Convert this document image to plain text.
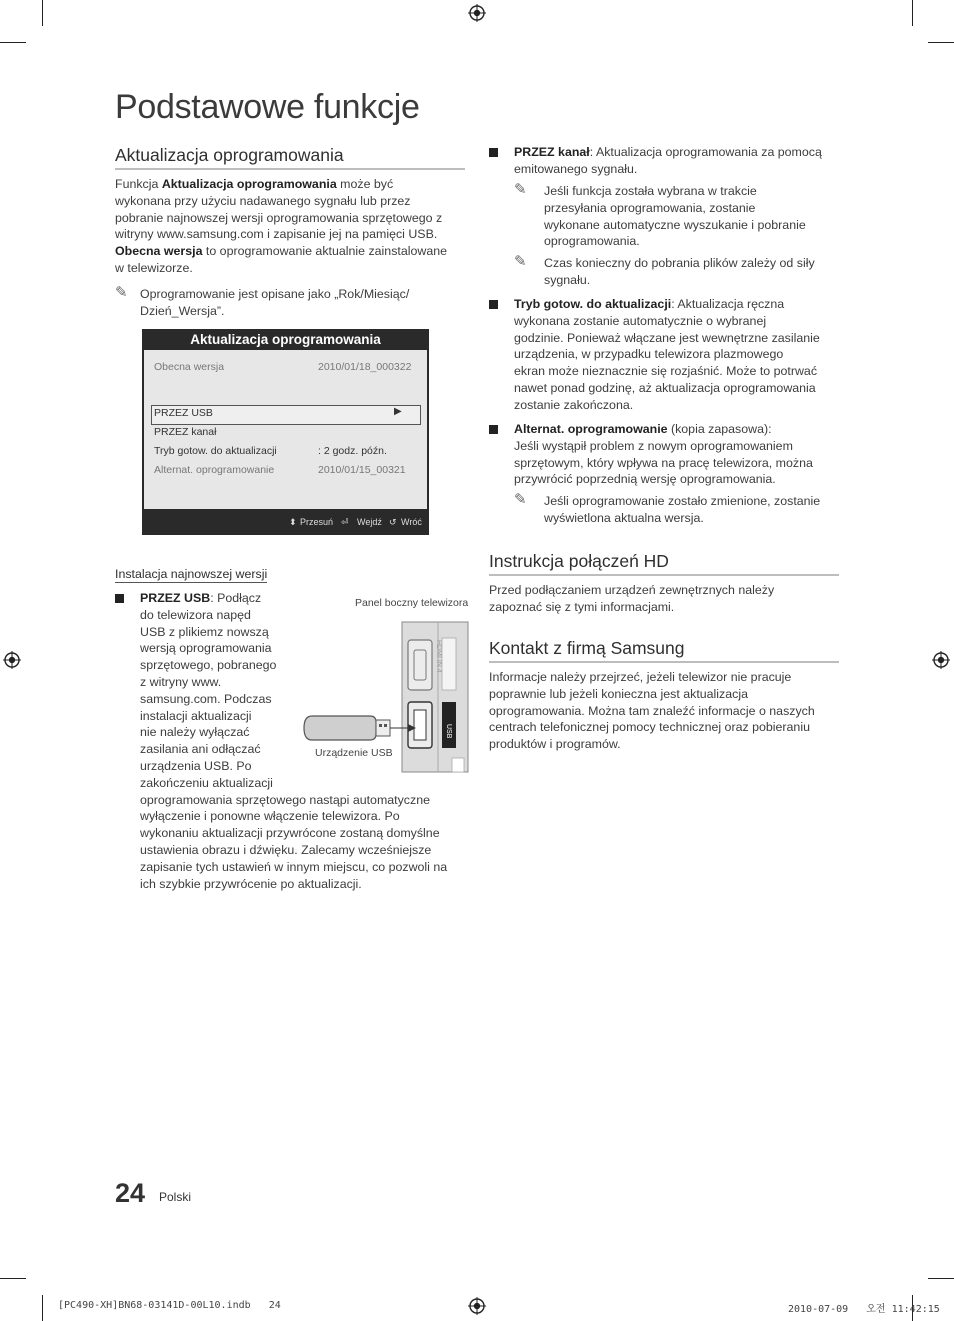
Podstawowe funkcje
Aktualizacja oprogramowania
Funkcja Aktualizacja oprogramowania może być
wykonana przy użyciu nadawanego sygnału lub przez
pobranie najnowszej wersji oprogramowania sprzętowego z
witryny www.samsung.com i zapisanie jej na pamięci USB.
Obecna wersja to oprogramowanie aktualnie zainstalowane
w telewizorze.
✎ Oprogramowanie jest opisane jako „Rok/Miesiąc/
Dzień_Wersja”.
Aktualizacja oprogramowania
Obecna wersja	2010/01/18_000322
PRZEZ USB	▶
PRZEZ kanał
Tryb gotow. do aktualizacji	: 2 godz. późn.
Alternat. oprogramowanie	2010/01/15_00321
⬍ Przesuń ⏎ Wejdź ↺ Wróć
Instalacja najnowszej wersji
PRZEZ USB: Podłącz
do telewizora napęd
USB z plikiemz nowszą
wersją oprogramowania
sprzętowego, pobranego
z witryny www.
samsung.com. Podczas
instalacji aktualizacji
nie należy wyłączać
zasilania ani odłączać
urządzenia USB. Po
zakończeniu aktualizacji
oprogramowania sprzętowego nastąpi automatyczne
wyłączenie i ponowne włączenie telewizora. Po
wykonaniu aktualizacji przywrócone zostaną domyślne
ustawienia obrazu i dźwięku. Zalecamy wcześniejsze
zapisanie tych ustawień w innym miejscu, co pozwoli na
ich szybkie przywrócenie po aktualizacji.
Panel boczny telewizora
HDMI IN 4
USB
Urządzenie USB
PRZEZ kanał: Aktualizacja oprogramowania za pomocą
emitowanego sygnału.
✎ Jeśli funkcja została wybrana w trakcie
przesyłania oprogramowania, zostanie
wykonane automatyczne wyszukanie i pobranie
oprogramowania.
✎ Czas konieczny do pobrania plików zależy od siły
sygnału.
Tryb gotow. do aktualizacji: Aktualizacja ręczna
wykonana zostanie automatycznie o wybranej
godzinie. Ponieważ włączane jest wewnętrzne zasilanie
urządzenia, w przypadku telewizora plazmowego
ekran może nieznacznie się rozjaśnić. Może to potrwać
nawet ponad godzinę, aż aktualizacja oprogramowania
zostanie zakończona.
Alternat. oprogramowanie (kopia zapasowa):
Jeśli wystąpił problem z nowym oprogramowaniem
sprzętowym, który wpływa na pracę telewizora, można
przywrócić poprzednią wersję oprogramowania.
✎ Jeśli oprogramowanie zostało zmienione, zostanie
wyświetlona aktualna wersja.
Instrukcja połączeń HD
Przed podłączaniem urządzeń zewnętrznych należy
zapoznać się z tymi informacjami.
Kontakt z firmą Samsung
Informacje należy przejrzeć, jeżeli telewizor nie pracuje
poprawnie lub jeżeli konieczna jest aktualizacja
oprogramowania. Można tam znaleźć informacje o naszych
centrach telefonicznej pomocy technicznej oraz pobieraniu
produktów i programów.
24 Polski
[PC490-XH]BN68-03141D-00L10.indb   24	2010-07-09   오전 11:42:15
